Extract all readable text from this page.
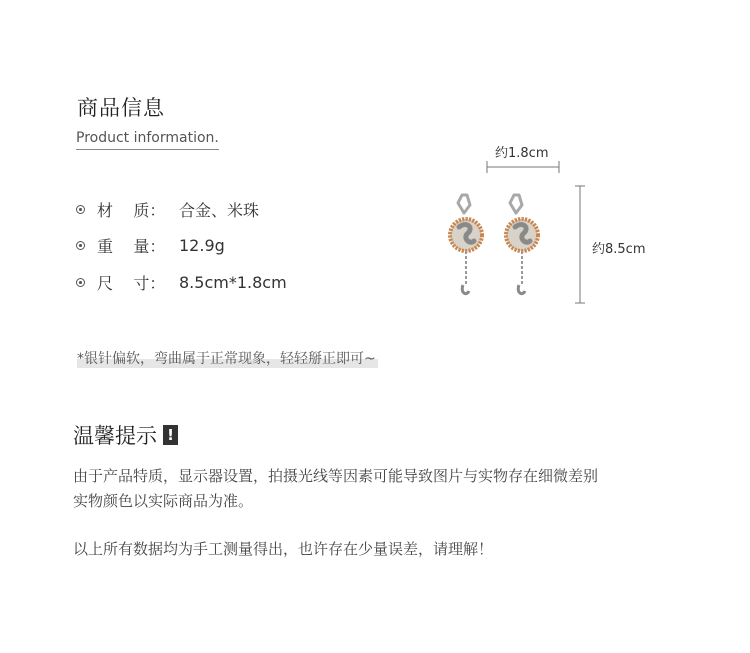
商品信息
Product information.
材    质： 合金、米珠
重    量： 12.9g
尺    寸： 8.5cm*1.8cm
约1.8cm
约8.5cm
*银针偏软，弯曲属于正常现象，轻轻掰正即可~
温馨提示 !
由于产品特质，显示器设置，拍摄光线等因素可能导致图片与实物存在细微差别
实物颜色以实际商品为准。
以上所有数据均为手工测量得出，也许存在少量误差，请理解！
